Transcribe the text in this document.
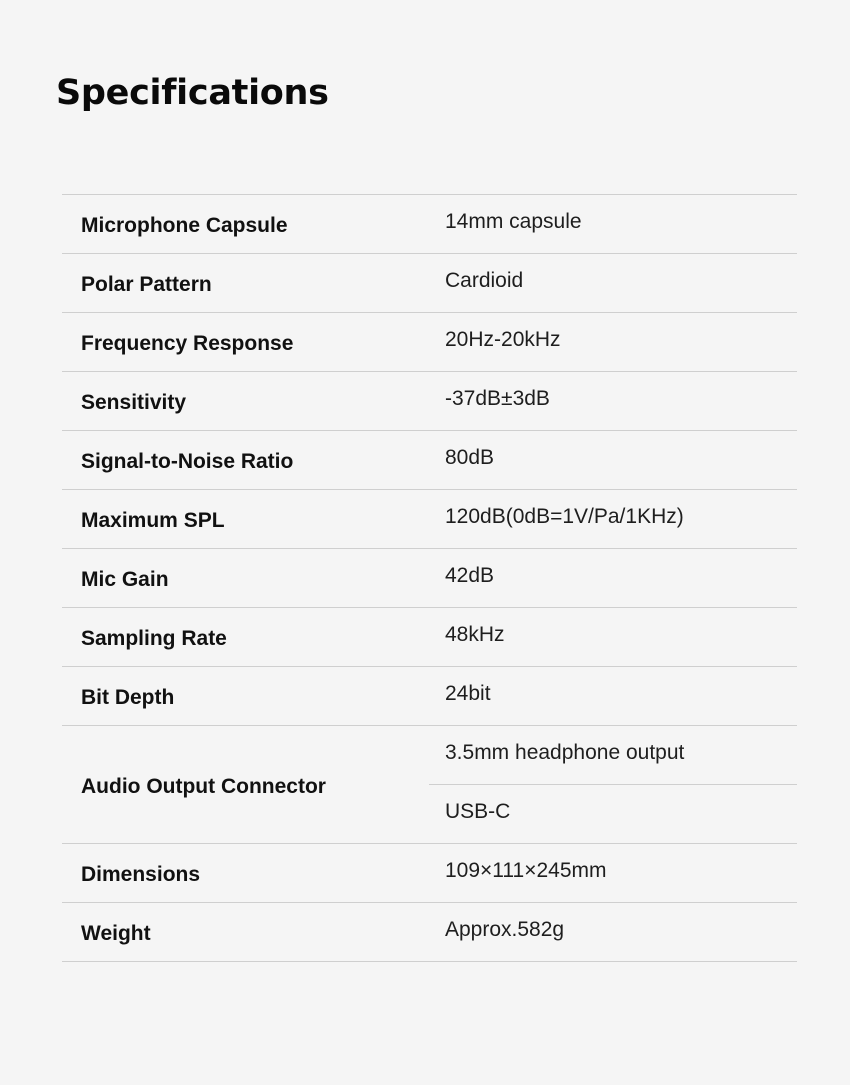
Specifications
Microphone Capsule	14mm capsule
Polar Pattern	Cardioid
Frequency Response	20Hz-20kHz
Sensitivity	-37dB±3dB
Signal-to-Noise Ratio	80dB
Maximum SPL	120dB(0dB=1V/Pa/1KHz)
Mic Gain	42dB
Sampling Rate	48kHz
Bit Depth	24bit
Audio Output Connector	3.5mm headphone output
	USB-C
Dimensions	109×111×245mm
Weight	Approx.582g
